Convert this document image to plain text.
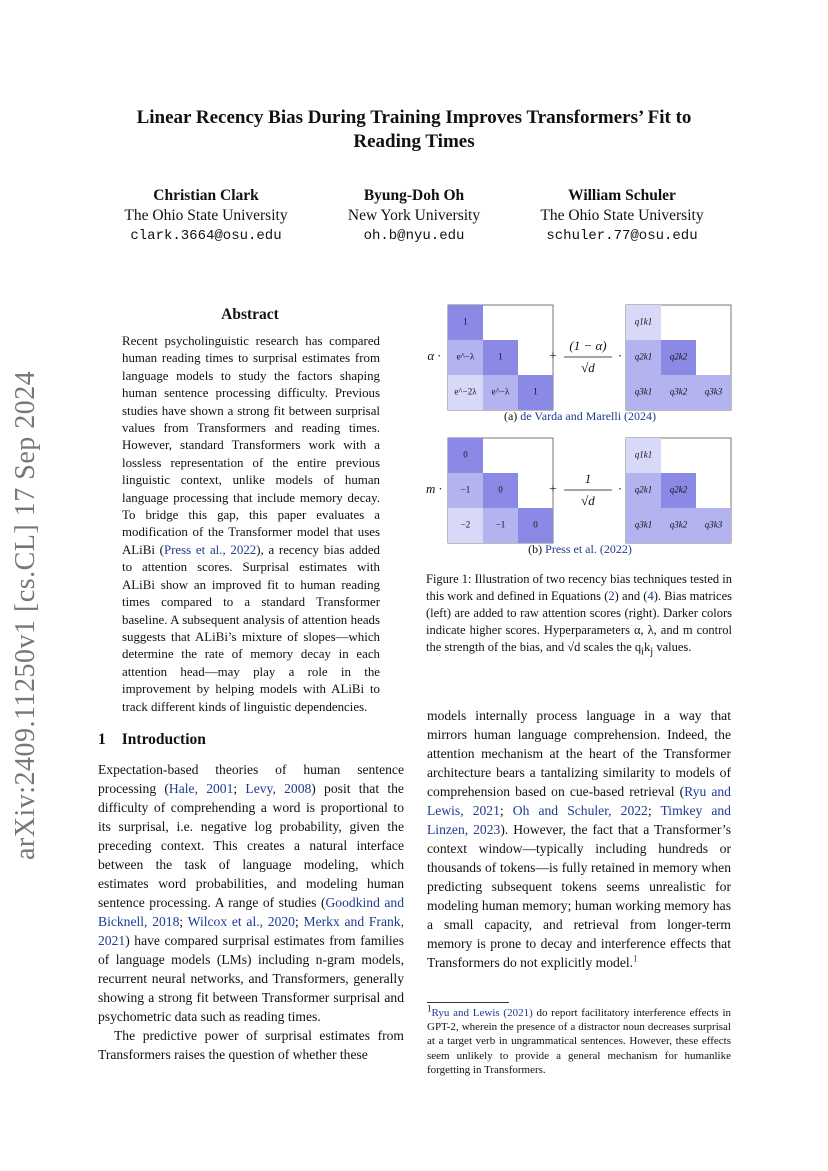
Linear Recency Bias During Training Improves Transformers’ Fit to
Reading Times
Christian Clark
The Ohio State University
clark.3664@osu.edu
Byung-Doh Oh
New York University
oh.b@nyu.edu
William Schuler
The Ohio State University
schuler.77@osu.edu
arXiv:2409.11250v1 [cs.CL] 17 Sep 2024
Abstract
Recent psycholinguistic research has compared human reading times to surprisal estimates from language models to study the factors shaping human sentence processing difficulty. Previous studies have shown a strong fit between surprisal values from Transformers and reading times. However, standard Transformers work with a lossless representation of the entire previous linguistic context, unlike models of human language processing that include memory decay. To bridge this gap, this paper evaluates a modification of the Transformer model that uses ALiBi (Press et al., 2022), a recency bias added to attention scores. Surprisal estimates with ALiBi show an improved fit to human reading times compared to a standard Transformer baseline. A subsequent analysis of attention heads suggests that ALiBi’s mixture of slopes—which determine the rate of memory decay in each attention head—may play a role in the improvement by helping models with ALiBi to track different kinds of linguistic dependencies.
1 Introduction

Expectation-based theories of human sentence processing (Hale, 2001; Levy, 2008) posit that the difficulty of comprehending a word is proportional to its surprisal, i.e. negative log probability, given the preceding context. This creates a natural interface between the task of language modeling, which estimates word probabilities, and modeling human sentence processing. A range of studies (Goodkind and Bicknell, 2018; Wilcox et al., 2020; Merkx and Frank, 2021) have compared surprisal estimates from families of language models (LMs) including n-gram models, recurrent neural networks, and Transformers, generally showing a strong fit between Transformer surprisal and psychometric data such as reading times.

The predictive power of surprisal estimates from Transformers raises the question of whether these

models internally process language in a way that mirrors human language comprehension. Indeed, the attention mechanism at the heart of the Transformer architecture bears a tantalizing similarity to models of comprehension based on cue-based retrieval (Ryu and Lewis, 2021; Oh and Schuler, 2022; Timkey and Linzen, 2023). However, the fact that a Transformer’s context window—typically including hundreds or thousands of tokens—is fully retained in memory when predicting subsequent tokens seems unrealistic for modeling human memory; human working memory has a small capacity, and retrieval from longer-term memory is prone to decay and interference effects that Transformers do not explicitly model.$^1$

α ·
1
e^−λ	1
e^−2λ e^−λ	1
+
(1 − α)
√d
·
q1k1
q2k1 q2k2
q3k1 q3k2 q3k3
m ·
0
−1	0
−2	−1	0
+
1
√d
·
q1k1
q2k1 q2k2
q3k1 q3k2 q3k3
(a) de Varda and Marelli (2024)
(b) Press et al. (2022)
Figure 1: Illustration of two recency bias techniques tested in this work and defined in Equations (2) and (4). Bias matrices (left) are added to raw attention scores (right). Darker colors indicate higher scores. Hyperparameters α, λ, and m control the strength of the bias, and √d scales the $q_ik_j$ values.
$^1$Ryu and Lewis (2021) do report facilitatory interference effects in GPT-2, wherein the presence of a distractor noun decreases surprisal at a target verb in ungrammatical sentences. However, these effects seem unlikely to provide a general mechanism for humanlike forgetting in Transformers.
